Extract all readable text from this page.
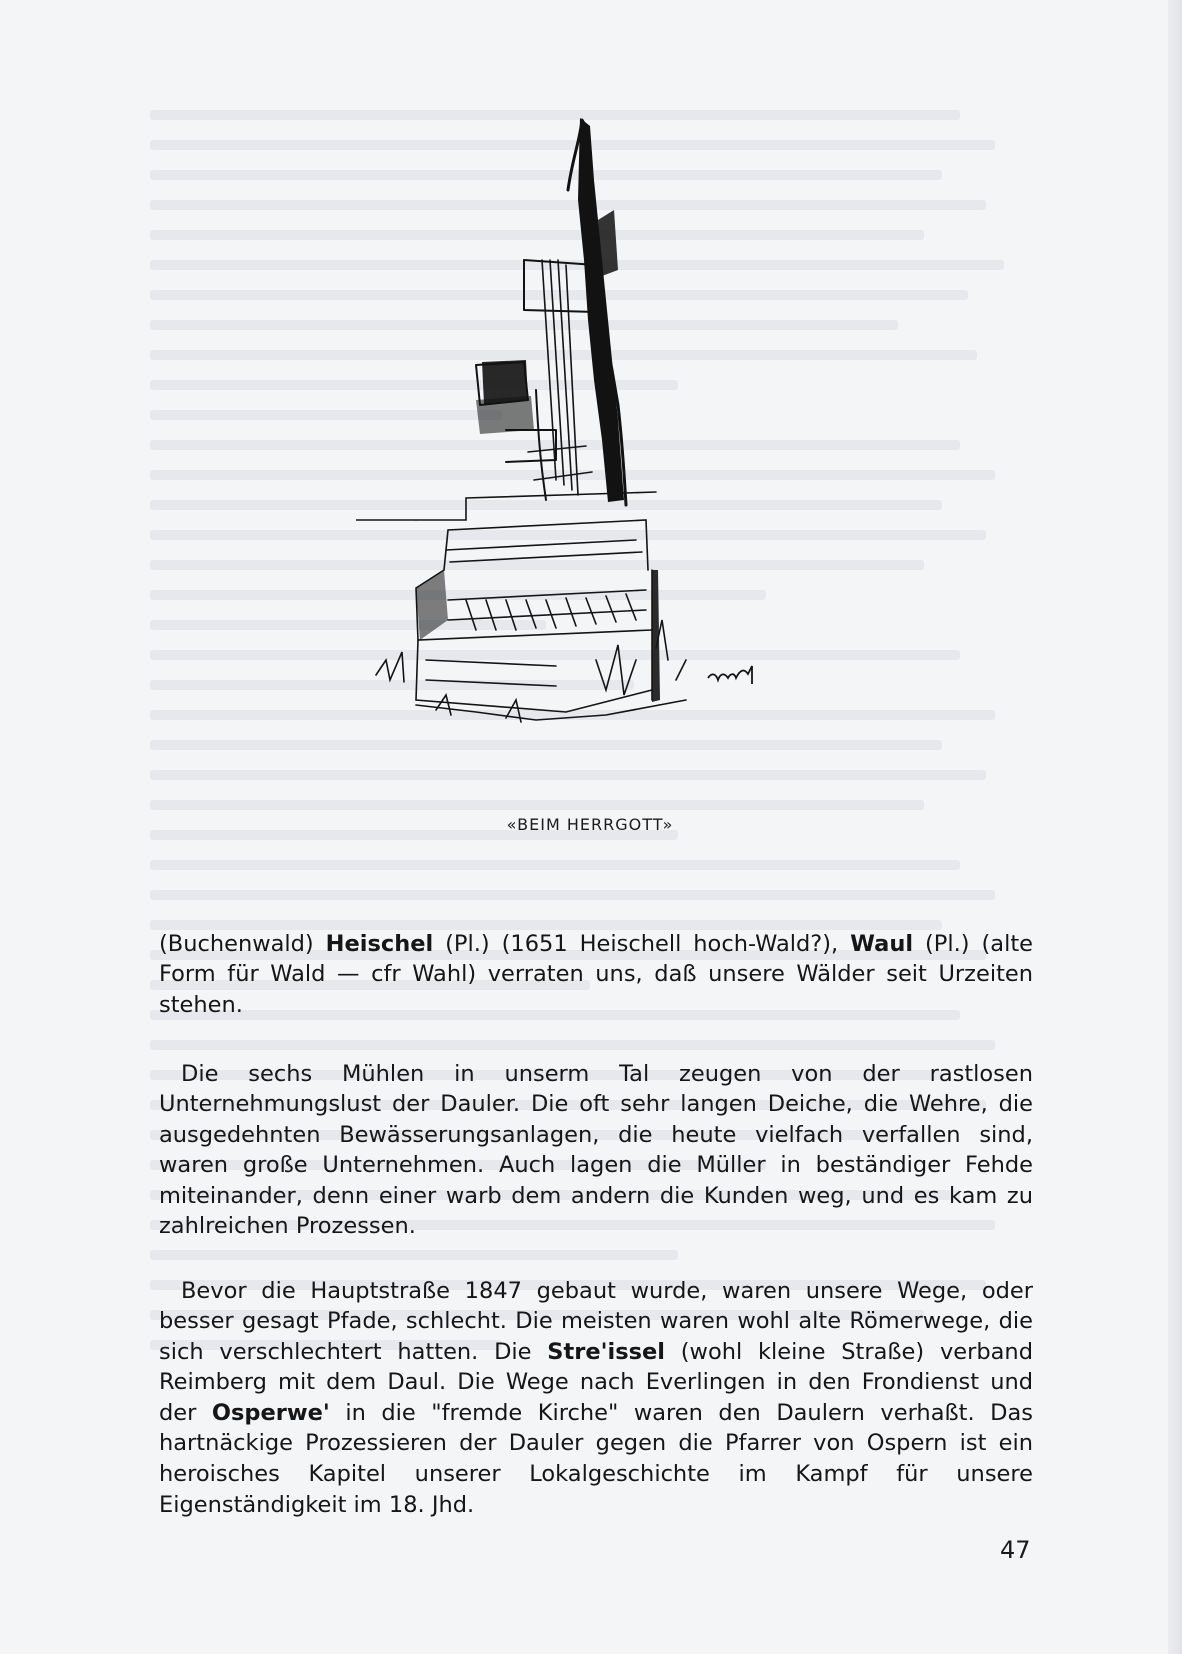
«BEIM HERRGOTT»

(Buchenwald) Heischel (Pl.) (1651 Heischell hoch-Wald?), Waul (Pl.) (alte Form für Wald — cfr Wahl) verraten uns, daß unsere Wälder seit Urzeiten stehen.

Die sechs Mühlen in unserm Tal zeugen von der rastlosen Unternehmungslust der Dauler. Die oft sehr langen Deiche, die Wehre, die ausgedehnten Bewässerungsanlagen, die heute vielfach verfallen sind, waren große Unternehmen. Auch lagen die Müller in beständiger Fehde miteinander, denn einer warb dem andern die Kunden weg, und es kam zu zahlreichen Prozessen.

Bevor die Hauptstraße 1847 gebaut wurde, waren unsere Wege, oder besser gesagt Pfade, schlecht. Die meisten waren wohl alte Römerwege, die sich verschlechtert hatten. Die Stre'issel (wohl kleine Straße) verband Reimberg mit dem Daul. Die Wege nach Everlingen in den Frondienst und der Osperwe' in die "fremde Kirche" waren den Daulern verhaßt. Das hartnäckige Prozessieren der Dauler gegen die Pfarrer von Ospern ist ein heroisches Kapitel unserer Lokalgeschichte im Kampf für unsere Eigenständigkeit im 18. Jhd.

47
